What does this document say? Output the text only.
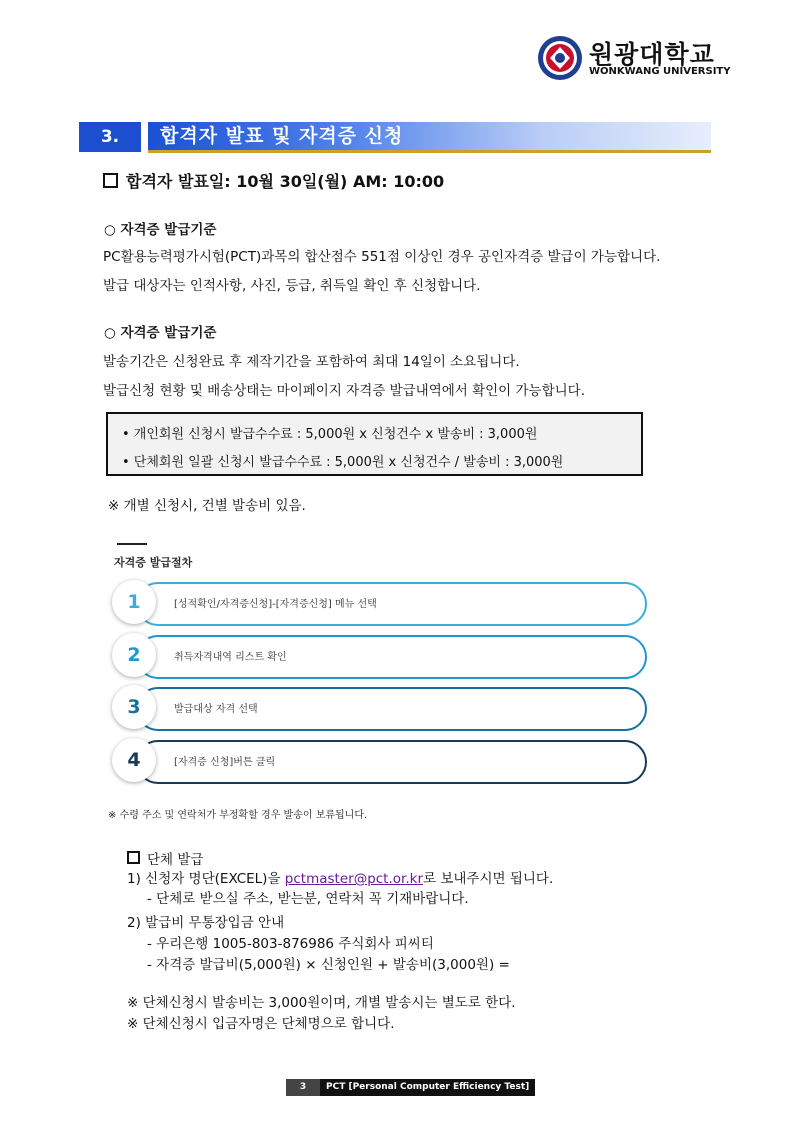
원광대학교
WONKWANG UNIVERSITY
3.	합격자 발표 및 자격증 신청
합격자 발표일: 10월 30일(월) AM: 10:00
○ 자격증 발급기준
PC활용능력평가시험(PCT)과목의 합산점수 551점 이상인 경우 공인자격증 발급이 가능합니다.
발급 대상자는 인적사항, 사진, 등급, 취득일 확인 후 신청합니다.
○ 자격증 발급기준
발송기간은 신청완료 후 제작기간을 포함하여 최대 14일이 소요됩니다.
발급신청 현황 및 배송상태는 마이페이지 자격증 발급내역에서 확인이 가능합니다.
• 개인회원 신청시 발급수수료 : 5,000원 x 신청건수 x 발송비 : 3,000원
• 단체회원 일괄 신청시 발급수수료 : 5,000원 x 신청건수 / 발송비 : 3,000원
※ 개별 신청시, 건별 발송비 있음.
자격증 발급절차
1	[성적확인/자격증신청]-[자격증신청] 메뉴 선택
2	취득자격내역 리스트 확인
3	발급대상 자격 선택
4	[자격증 신청]버튼 클릭
※ 수령 주소 및 연락처가 부정확할 경우 발송이 보류됩니다.
단체 발급
1) 신청자 명단(EXCEL)을 pctmaster@pct.or.kr로 보내주시면 됩니다.
- 단체로 받으실 주소, 받는분, 연락처 꼭 기재바랍니다.
2) 발급비 무통장입금 안내
- 우리은행 1005-803-876986 주식회사 피씨티
- 자격증 발급비(5,000원) × 신청인원 + 발송비(3,000원) =
※ 단체신청시 발송비는 3,000원이며, 개별 발송시는 별도로 한다.
※ 단체신청시 입금자명은 단체명으로 합니다.
3 PCT [Personal Computer Efficiency Test]
